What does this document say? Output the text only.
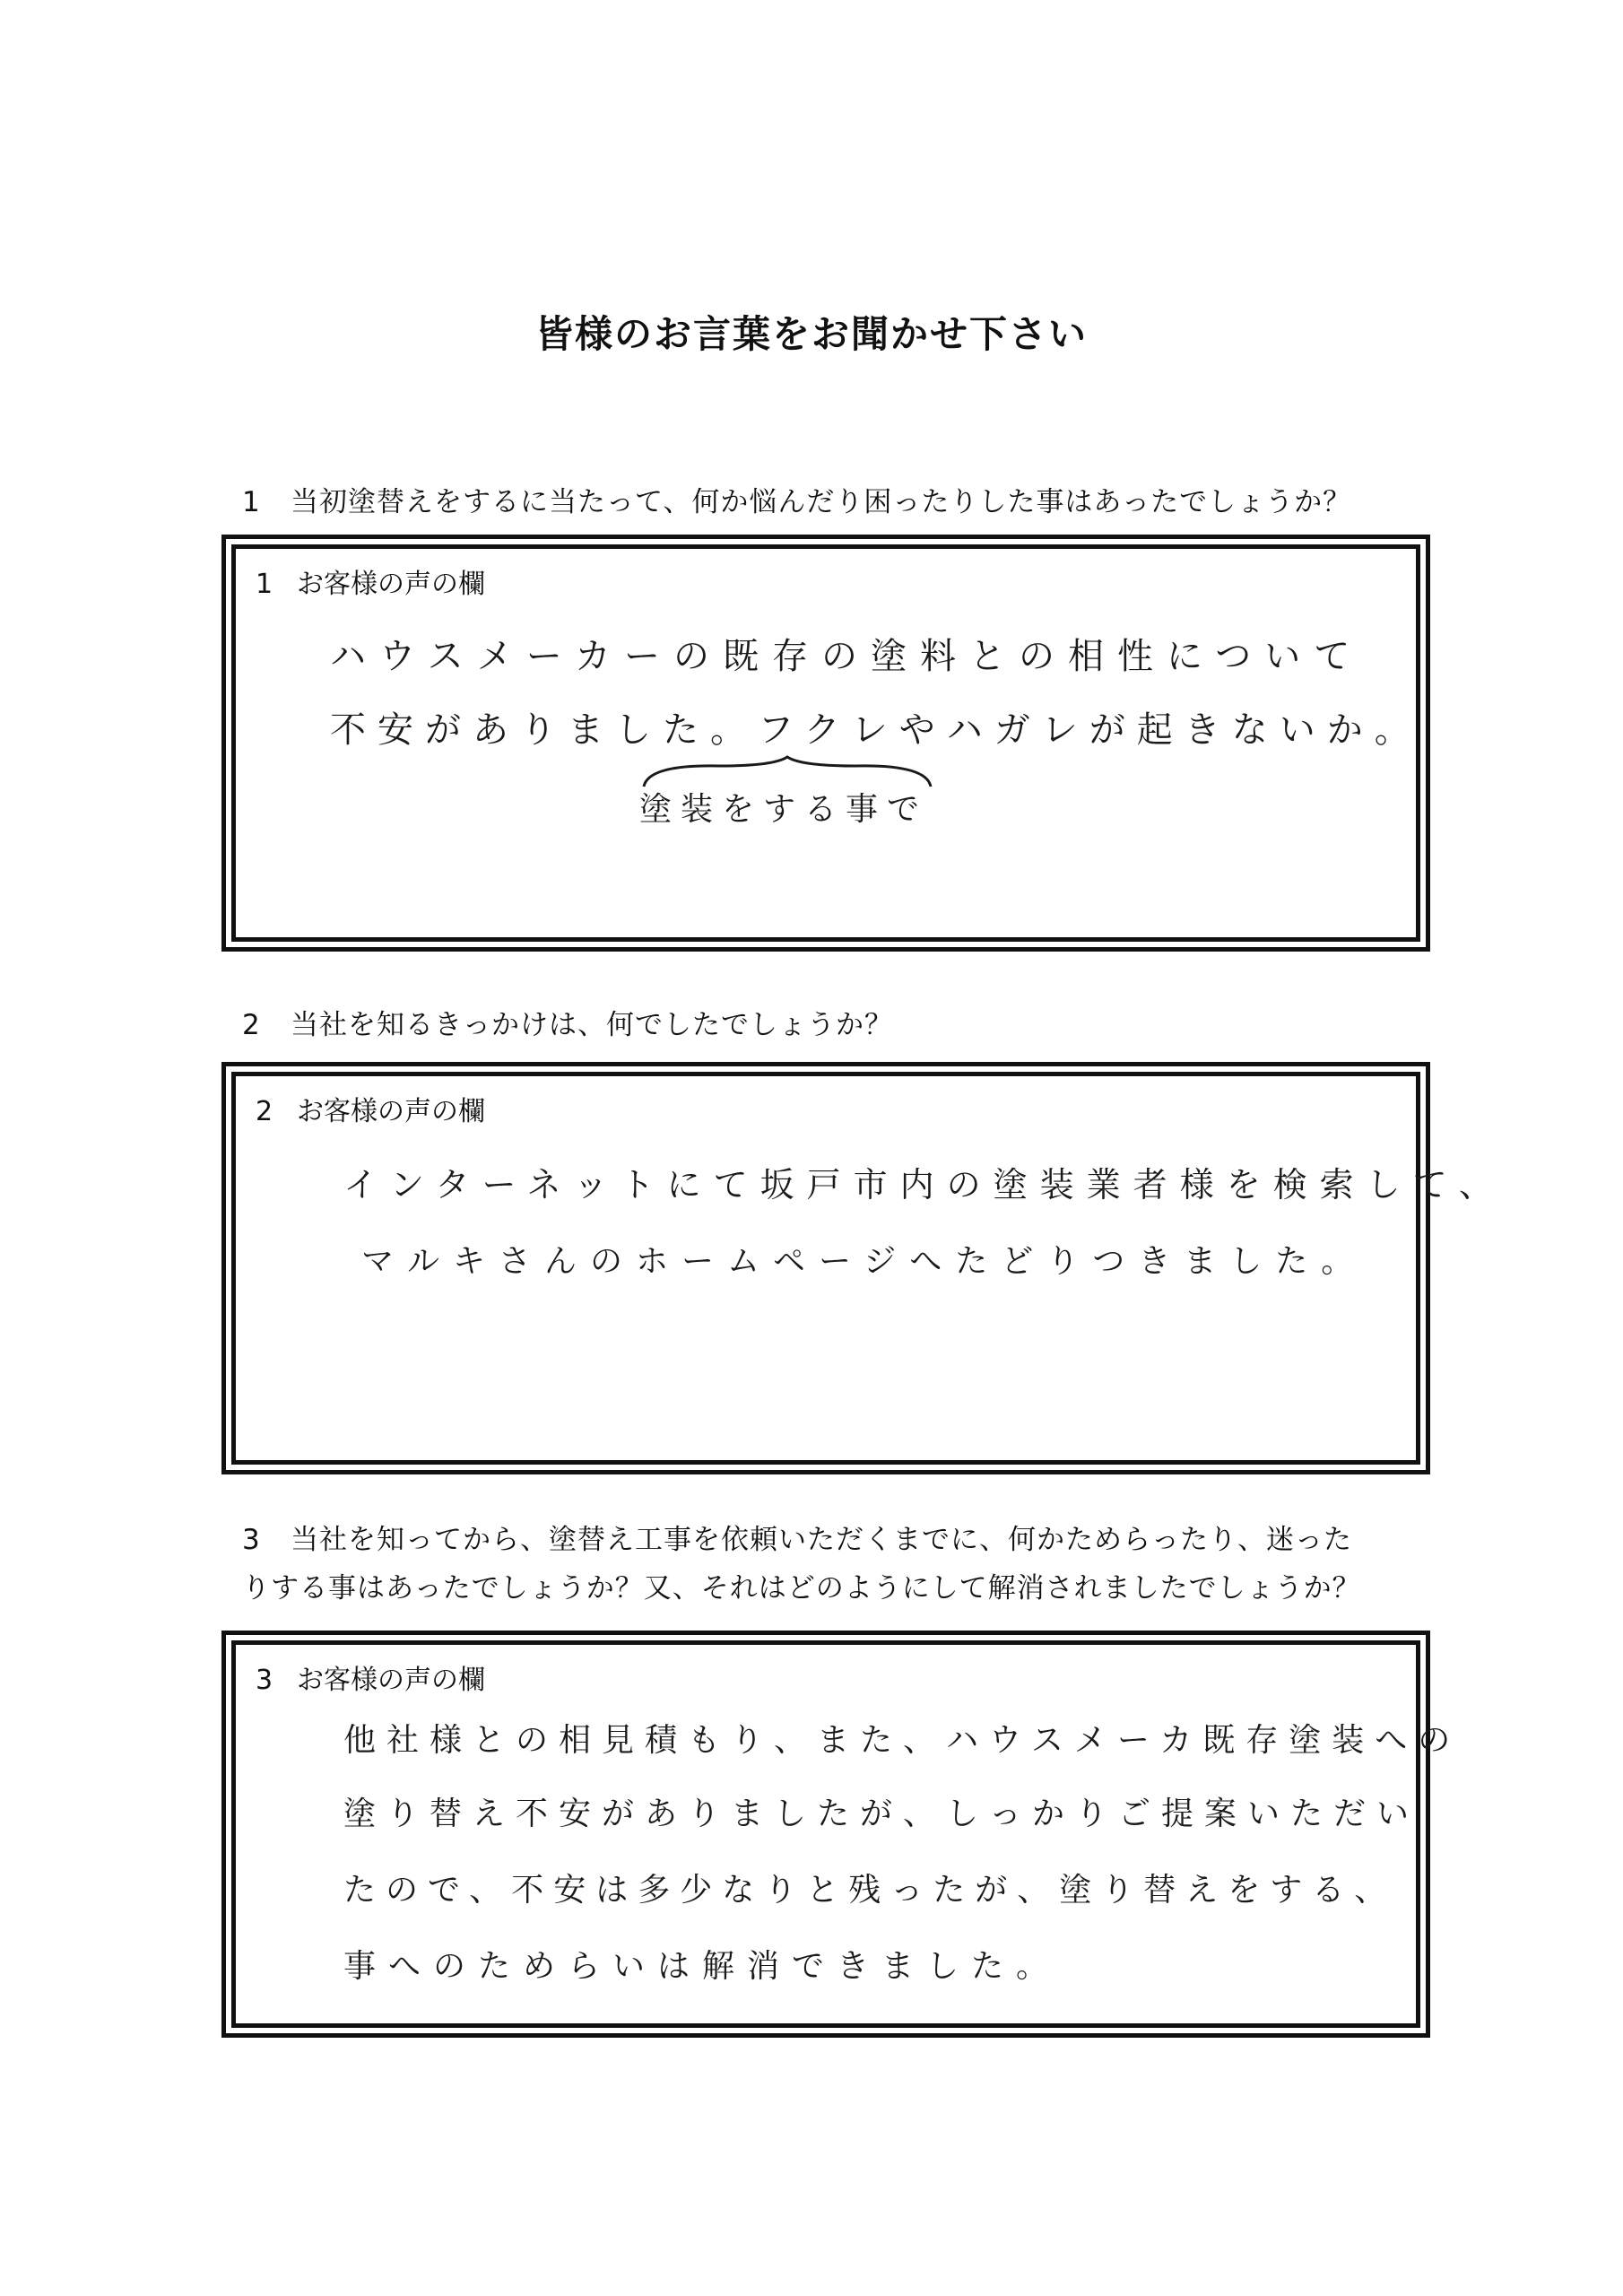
皆様のお言葉をお聞かせ下さい
1 当初塗替えをするに当たって、何か悩んだり困ったりした事はあったでしょうか？
1 お客様の声の欄
ハウスメーカーの既存の塗料との相性について
不安がありました。フクレやハガレが起きないか。
塗装をする事で
2 当社を知るきっかけは、何でしたでしょうか？
2 お客様の声の欄
インターネットにて坂戸市内の塗装業者様を検索して、
マルキさんのホームページへたどりつきました。
3 当社を知ってから、塗替え工事を依頼いただくまでに、何かためらったり、迷った
りする事はあったでしょうか？又、それはどのようにして解消されましたでしょうか？
3 お客様の声の欄
他社様との相見積もり、また、ハウスメーカ既存塗装への
塗り替え不安がありましたが、しっかりご提案いただい
たので、不安は多少なりと残ったが、塗り替えをする、
事へのためらいは解消できました。
